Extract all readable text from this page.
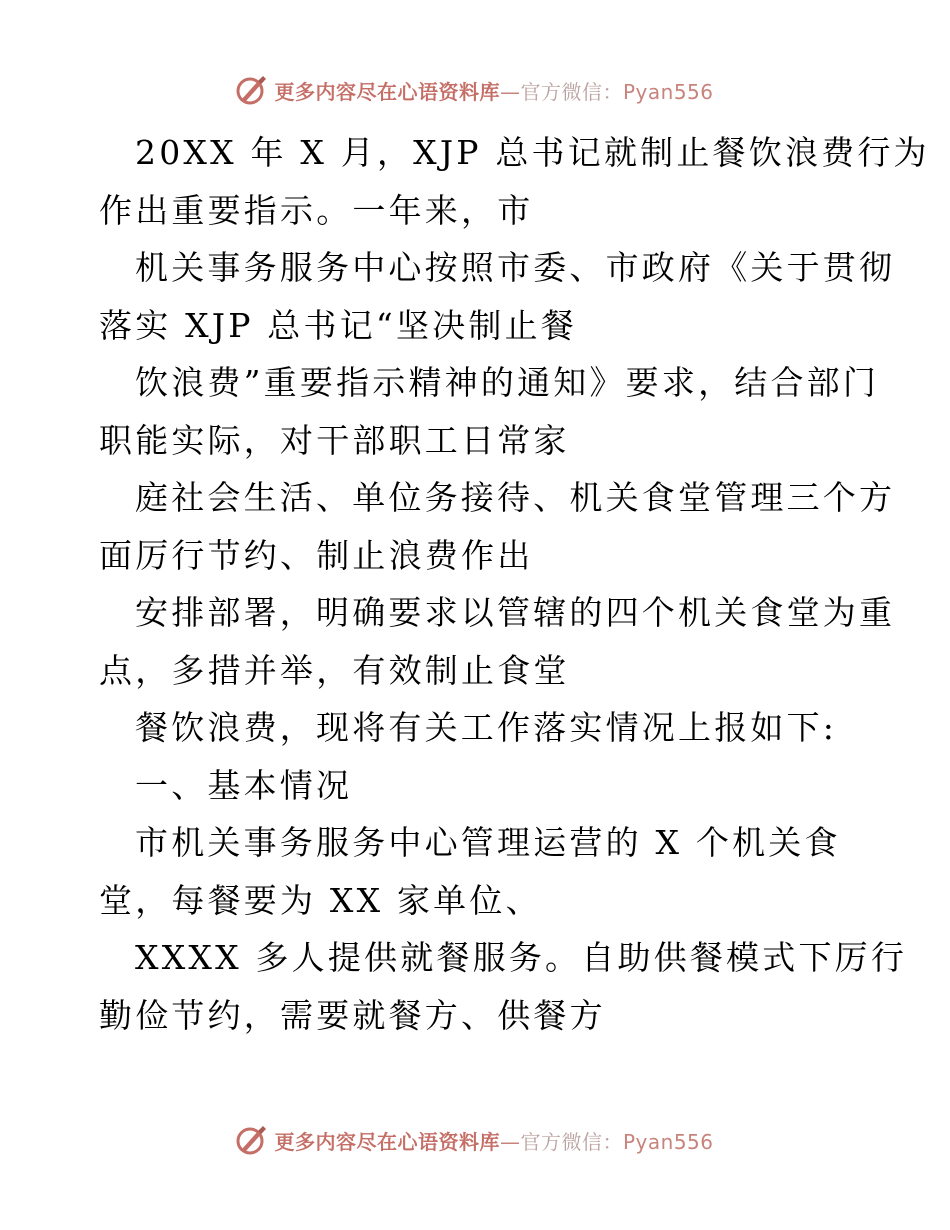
更多内容尽在心语资料库—官方微信：Pyan556
20XX 年 X 月，XJP 总书记就制止餐饮浪费行为
作出重要指示。一年来，市
机关事务服务中心按照市委、市政府《关于贯彻
落实 XJP 总书记“坚决制止餐
饮浪费”重要指示精神的通知》要求，结合部门
职能实际，对干部职工日常家
庭社会生活、单位务接待、机关食堂管理三个方
面厉行节约、制止浪费作出
安排部署，明确要求以管辖的四个机关食堂为重
点，多措并举，有效制止食堂
餐饮浪费，现将有关工作落实情况上报如下:
一、基本情况
市机关事务服务中心管理运营的 X 个机关食
堂，每餐要为 XX 家单位、
XXXX 多人提供就餐服务。自助供餐模式下厉行
勤俭节约，需要就餐方、供餐方
更多内容尽在心语资料库—官方微信：Pyan556
